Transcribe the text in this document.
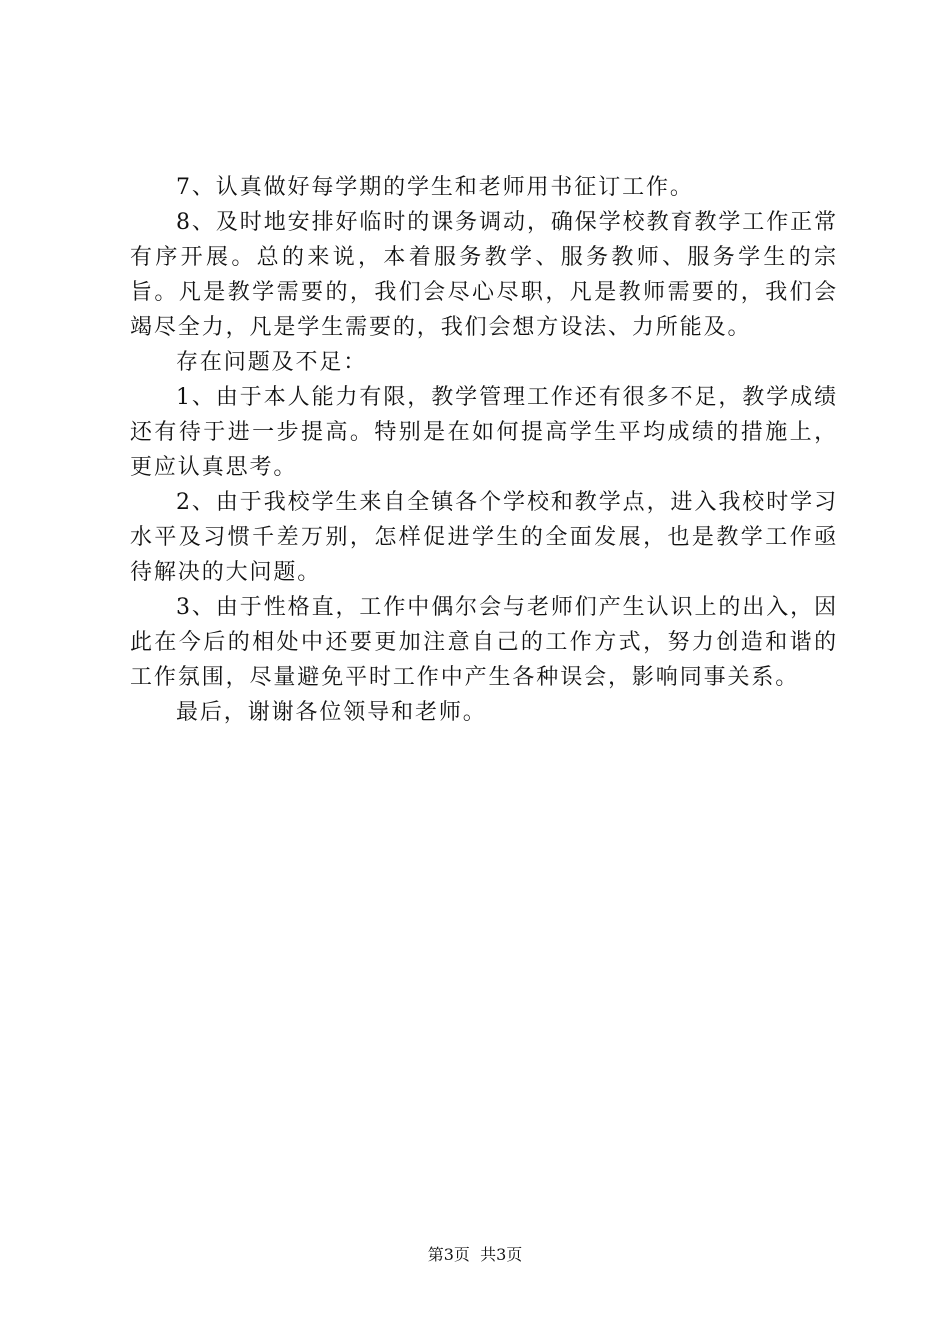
7、认真做好每学期的学生和老师用书征订工作。

8、及时地安排好临时的课务调动，确保学校教育教学工作正常有序开展。总的来说，本着服务教学、服务教师、服务学生的宗旨。凡是教学需要的，我们会尽心尽职，凡是教师需要的，我们会竭尽全力，凡是学生需要的，我们会想方设法、力所能及。

存在问题及不足：

1、由于本人能力有限，教学管理工作还有很多不足，教学成绩还有待于进一步提高。特别是在如何提高学生平均成绩的措施上，更应认真思考。

2、由于我校学生来自全镇各个学校和教学点，进入我校时学习水平及习惯千差万别，怎样促进学生的全面发展，也是教学工作亟待解决的大问题。

3、由于性格直，工作中偶尔会与老师们产生认识上的出入，因此在今后的相处中还要更加注意自己的工作方式，努力创造和谐的工作氛围，尽量避免平时工作中产生各种误会，影响同事关系。

最后，谢谢各位领导和老师。

第3页 共3页
